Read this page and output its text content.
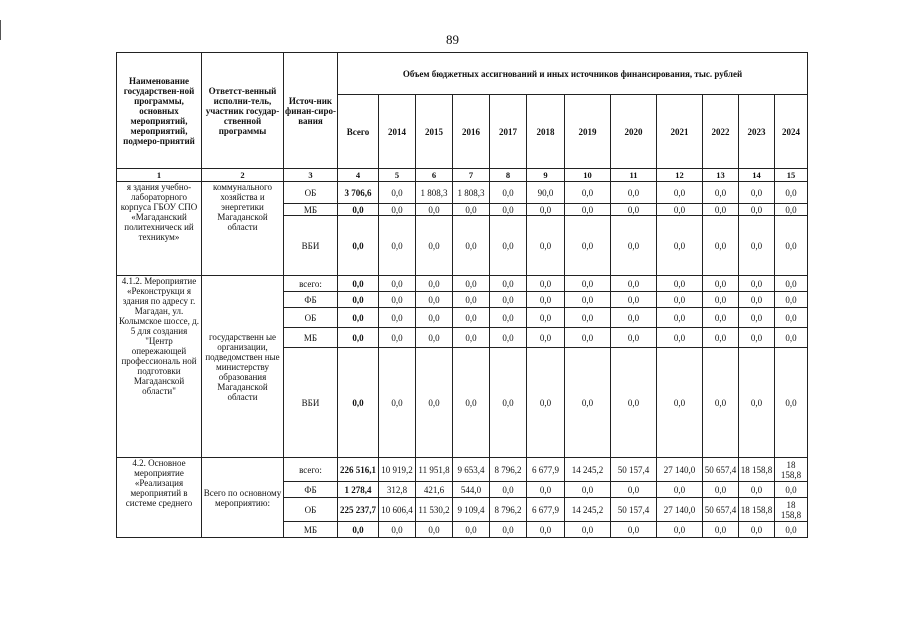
89
Наименование государствен-ной программы, основных мероприятий, мероприятий, подмеро-приятий	Ответст-венный исполни-тель, участник государ-ственной программы	Источ-ник финан-сиро-вания	Объем бюджетных ассигнований и иных источников финансирования, тыс. рублей											
			Всего	2014	2015	2016	2017	2018	2019	2020	2021	2022	2023	2024
1	2	3	4	5	6	7	8	9	10	11	12	13	14	15
я здания учебно-лабораторного корпуса ГБОУ СПО «Магаданский политехническ ий техникум»	коммунального хозяйства и энергетики Магаданской области	ОБ	3 706,6	0,0	1 808,3	1 808,3	0,0	90,0	0,0	0,0	0,0	0,0	0,0	0,0
		МБ	0,0	0,0	0,0	0,0	0,0	0,0	0,0	0,0	0,0	0,0	0,0	0,0
		ВБИ	0,0	0,0	0,0	0,0	0,0	0,0	0,0	0,0	0,0	0,0	0,0	0,0
4.1.2. Мероприятие «Реконструкци я здания по адресу г. Магадан, ул. Колымское шоссе, д. 5 для создания "Центр опережающей профессиональ ной подготовки Магаданской области"	государственн ые организации, подведомствен ные министерству образования Магаданской области	всего:	0,0	0,0	0,0	0,0	0,0	0,0	0,0	0,0	0,0	0,0	0,0	0,0
		ФБ	0,0	0,0	0,0	0,0	0,0	0,0	0,0	0,0	0,0	0,0	0,0	0,0
		ОБ	0,0	0,0	0,0	0,0	0,0	0,0	0,0	0,0	0,0	0,0	0,0	0,0
		МБ	0,0	0,0	0,0	0,0	0,0	0,0	0,0	0,0	0,0	0,0	0,0	0,0
		ВБИ	0,0	0,0	0,0	0,0	0,0	0,0	0,0	0,0	0,0	0,0	0,0	0,0
4.2. Основное мероприятие «Реализация мероприятий в системе среднего	Всего по основному мероприятию:	всего:	226 516,1	10 919,2	11 951,8	9 653,4	8 796,2	6 677,9	14 245,2	50 157,4	27 140,0	50 657,4	18 158,8	18 158,8
		ФБ	1 278,4	312,8	421,6	544,0	0,0	0,0	0,0	0,0	0,0	0,0	0,0	0,0
		ОБ	225 237,7	10 606,4	11 530,2	9 109,4	8 796,2	6 677,9	14 245,2	50 157,4	27 140,0	50 657,4	18 158,8	18 158,8
		МБ	0,0	0,0	0,0	0,0	0,0	0,0	0,0	0,0	0,0	0,0	0,0	0,0
